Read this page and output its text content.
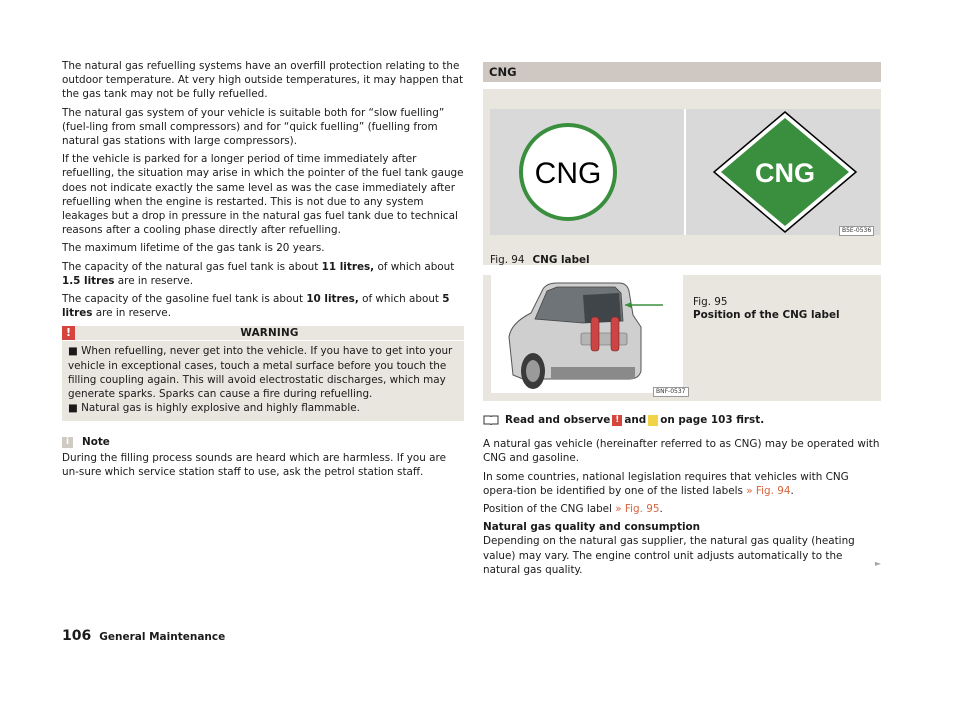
The natural gas refuelling systems have an overfill protection relating to the outdoor temperature. At very high outside temperatures, it may happen that the gas tank may not be fully refuelled.

The natural gas system of your vehicle is suitable both for “slow fuelling” (fuel-ling from small compressors) and for “quick fuelling” (fuelling from natural gas stations with large compressors).

If the vehicle is parked for a longer period of time immediately after refuelling, the situation may arise in which the pointer of the fuel tank gauge does not indicate exactly the same level as was the case immediately after refuelling when the engine is restarted. This is not due to any system leakages but a drop in pressure in the natural gas fuel tank due to technical reasons after a cooling phase directly after refuelling.

The maximum lifetime of the gas tank is 20 years.

The capacity of the natural gas fuel tank is about 11 litres, of which about 1.5 litres are in reserve.

The capacity of the gasoline fuel tank is about 10 litres, of which about 5 litres are in reserve.

!	WARNING

■ When refuelling, never get into the vehicle. If you have to get into your vehicle in exceptional cases, touch a metal surface before you touch the filling coupling again. This will avoid electrostatic discharges, which may generate sparks. Sparks can cause a fire during refuelling.

■ Natural gas is highly explosive and highly flammable.

i	Note

During the filling process sounds are heard which are harmless. If you are un-sure which service station staff to use, ask the petrol station staff.

CNG
CNG	CNG
B5E-0536
Fig. 94 CNG label
BNF-0537
Fig. 95
Position of the CNG label
Read and observe ! and on page 103 first.

A natural gas vehicle (hereinafter referred to as CNG) may be operated with CNG and gasoline.

In some countries, national legislation requires that vehicles with CNG opera-tion be identified by one of the listed labels » Fig. 94.

Position of the CNG label » Fig. 95.

Natural gas quality and consumption

Depending on the natural gas supplier, the natural gas quality (heating value) may vary. The engine control unit adjusts automatically to the natural gas quality.

►
106 General Maintenance
